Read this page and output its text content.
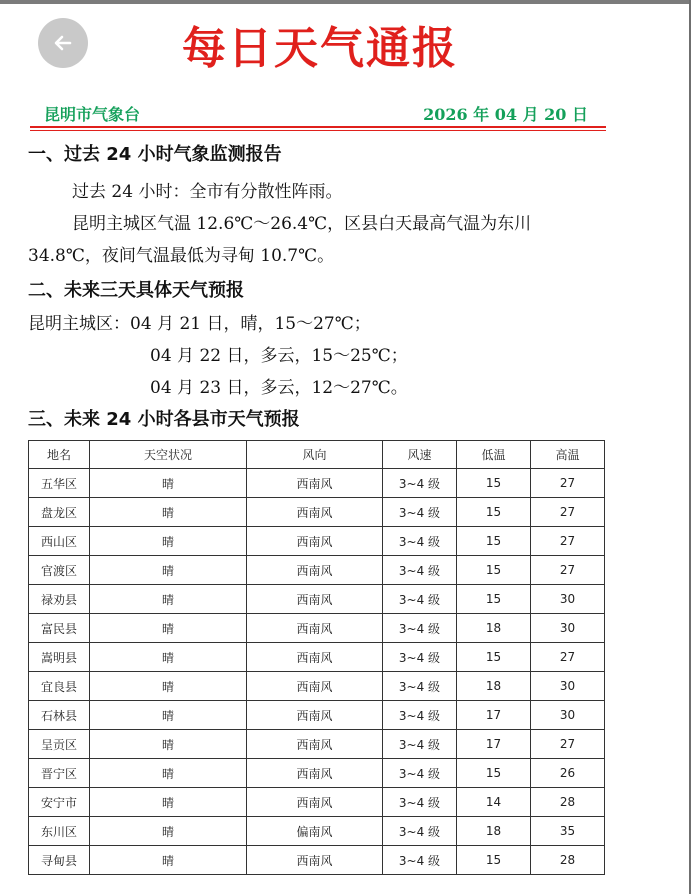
每日天气通报
昆明市气象台	2026 年 04 月 20 日
一、过去 24 小时气象监测报告
过去 24 小时：全市有分散性阵雨。
昆明主城区气温 12.6℃～26.4℃，区县白天最高气温为东川
34.8℃，夜间气温最低为寻甸 10.7℃。
二、未来三天具体天气预报
昆明主城区：04 月 21 日，晴，15～27℃；
04 月 22 日，多云，15～25℃；
04 月 23 日，多云，12～27℃。
三、未来 24 小时各县市天气预报
地名	天空状况	风向	风速	低温	高温
五华区	晴	西南风	3~4 级	15	27
盘龙区	晴	西南风	3~4 级	15	27
西山区	晴	西南风	3~4 级	15	27
官渡区	晴	西南风	3~4 级	15	27
禄劝县	晴	西南风	3~4 级	15	30
富民县	晴	西南风	3~4 级	18	30
嵩明县	晴	西南风	3~4 级	15	27
宜良县	晴	西南风	3~4 级	18	30
石林县	晴	西南风	3~4 级	17	30
呈贡区	晴	西南风	3~4 级	17	27
晋宁区	晴	西南风	3~4 级	15	26
安宁市	晴	西南风	3~4 级	14	28
东川区	晴	偏南风	3~4 级	18	35
寻甸县	晴	西南风	3~4 级	15	28
